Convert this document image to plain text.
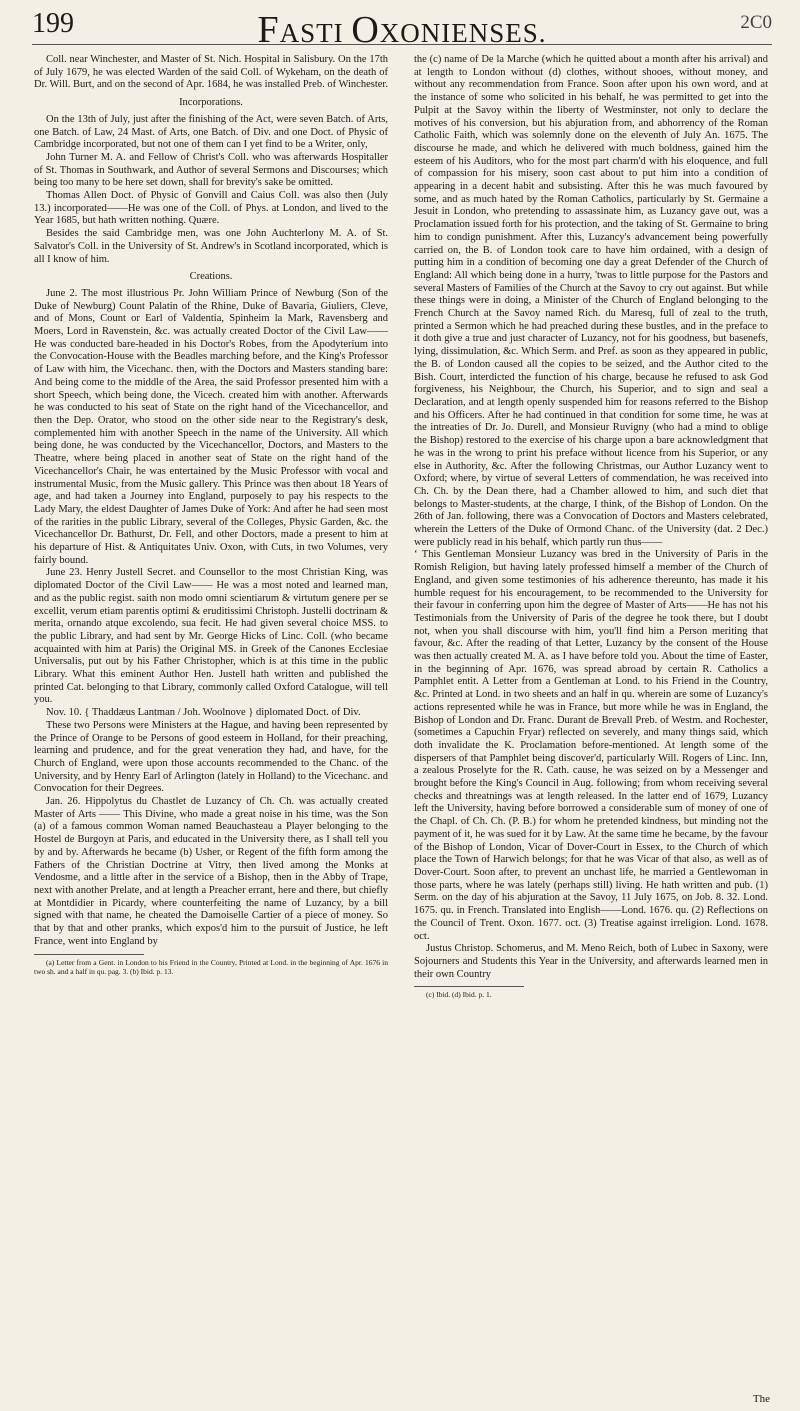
199	FASTI OXONIENSES.	2C0

Coll. near Winchester, and Master of St. Nich. Hospital in Salisbury. On the 17th of July 1679, he was elected Warden of the said Coll. of Wykeham, on the death of Dr. Will. Burt, and on the second of Apr. 1684, he was installed Preb. of Winchester.

Incorporations.

On the 13th of July, just after the finishing of the Act, were seven Batch. of Arts, one Batch. of Law, 24 Mast. of Arts, one Batch. of Div. and one Doct. of Physic of Cambridge incorporated, but not one of them can I yet find to be a Writer, only,

John Turner M. A. and Fellow of Christ's Coll. who was afterwards Hospitaller of St. Thomas in Southwark, and Author of several Sermons and Discourses; which being too many to be here set down, shall for brevity's sake be omitted.

Thomas Allen Doct. of Physic of Gonvill and Caius Coll. was also then (July 13.) incorporated——He was one of the Coll. of Phys. at London, and lived to the Year 1685, but hath written nothing. Quære.

Besides the said Cambridge men, was one John Auchterlony M. A. of St. Salvator's Coll. in the University of St. Andrew's in Scotland incorporated, which is all I know of him.

Creations.

June 2. The most illustrious Pr. John William Prince of Newburg (Son of the Duke of Newburg) Count Palatin of the Rhine, Duke of Bavaria, Giuliers, Cleve, and of Mons, Count or Earl of Valdentia, Spinheim la Mark, Ravensberg and Moers, Lord in Ravenstein, &c. was actually created Doctor of the Civil Law——He was conducted bare-headed in his Doctor's Robes, from the Apodyterium into the Convocation-House with the Beadles marching before, and the King's Professor of Law with him, the Vicechanc. then, with the Doctors and Masters standing bare: And being come to the middle of the Area, the said Professor presented him with a short Speech, which being done, the Vicech. created him with another. Afterwards he was conducted to his seat of State on the right hand of the Vicechancellor, and then the Dep. Orator, who stood on the other side near to the Registrary's desk, complemented him with another Speech in the name of the University. All which being done, he was conducted by the Vicechancellor, Doctors, and Masters to the Theatre, where being placed in another seat of State on the right hand of the Vicechancellor's Chair, he was entertained by the Music Professor with vocal and instrumental Music, from the Music gallery. This Prince was then about 18 Years of age, and had taken a Journey into England, purposely to pay his respects to the Lady Mary, the eldest Daughter of James Duke of York: And after he had seen most of the rarities in the public Library, several of the Colleges, Physic Garden, &c. the Vicechancellor Dr. Bathurst, Dr. Fell, and other Doctors, made a present to him at his departure of Hist. & Antiquitates Univ. Oxon, with Cuts, in two Volumes, very fairly bound.

June 23. Henry Justell Secret. and Counsellor to the most Christian King, was diplomated Doctor of the Civil Law—— He was a most noted and learned man, and as the public regist. saith non modo omni scientiarum & virtutum genere per se excellit, verum etiam parentis optimi & eruditissimi Christoph. Justelli doctrinam & merita, ornando atque excolendo, sua fecit. He had given several choice MSS. to the public Library, and had sent by Mr. George Hicks of Linc. Coll. (who became acquainted with him at Paris) the Original MS. in Greek of the Canones Ecclesiae Universalis, put out by his Father Christopher, which is at this time in the public Library. What this eminent Author Hen. Justell hath written and published the printed Cat. belonging to that Library, commonly called Oxford Catalogue, will tell you.

Nov. 10. { Thaddæus Lantman / Joh. Woolnove } diplomated Doct. of Div.

These two Persons were Ministers at the Hague, and having been represented by the Prince of Orange to be Persons of good esteem in Holland, for their preaching, learning and prudence, and for the great veneration they had, and have, for the Church of England, were upon those accounts recommended to the Chanc. of the University, and by Henry Earl of Arlington (lately in Holland) to the Vicechanc. and Convocation for their Degrees.

Jan. 26. Hippolytus du Chastlet de Luzancy of Ch. Ch. was actually created Master of Arts —— This Divine, who made a great noise in his time, was the Son (a) of a famous common Woman named Beauchasteau a Player belonging to the Hostel de Burgoyn at Paris, and educated in the University there, as I shall tell you by and by. Afterwards he became (b) Usher, or Regent of the fifth form among the Fathers of the Christian Doctrine at Vitry, then lived among the Monks at Vendosme, and a little after in the service of a Bishop, then in the Abby of Trape, next with another Prelate, and at length a Preacher errant, here and there, but chiefly at Montdidier in Picardy, where counterfeiting the name of Luzancy, by a bill signed with that name, he cheated the Damoiselle Cartier of a piece of money. So that by that and other pranks, which expos'd him to the pursuit of Justice, he left France, went into England by

(a) Letter from a Gent. in London to his Friend in the Country, Printed at Lond. in the beginning of Apr. 1676 in two sh. and a half in qu. pag. 3. (b) Ibid. p. 13.

the (c) name of De la Marche (which he quitted about a month after his arrival) and at length to London without (d) clothes, without shooes, without money, and without any recommendation from France. Soon after upon his own word, and at the instance of some who solicited in his behalf, he was permitted to get into the Pulpit at the Savoy within the liberty of Westminster, not only to declare the motives of his conversion, but his abjuration from, and abhorrency of the Roman Catholic Faith, which was solemnly done on the eleventh of July An. 1675. The discourse he made, and which he delivered with much boldness, gained him the esteem of his Auditors, who for the most part charm'd with his eloquence, and full of compassion for his misery, soon cast about to put him into a condition of appearing in a decent habit and subsisting. After this he was much favoured by some, and as much hated by the Roman Catholics, particularly by St. Germaine a Jesuit in London, who pretending to assassinate him, as Luzancy gave out, was a Proclamation issued forth for his protection, and the taking of St. Germaine to bring him to condign punishment. After this, Luzancy's advancement being powerfully carried on, the B. of London took care to have him ordained, with a design of putting him in a condition of becoming one day a great Defender of the Church of England: All which being done in a hurry, 'twas to little purpose for the Pastors and several Masters of Families of the Church at the Savoy to cry out against. But while these things were in doing, a Minister of the Church of England belonging to the French Church at the Savoy named Rich. du Maresq, full of zeal to the truth, printed a Sermon which he had preached during these bustles, and in the preface to it doth give a true and just character of Luzancy, not for his goodness, but basenefs, lying, dissimulation, &c. Which Serm. and Pref. as soon as they appeared in public, the B. of London caused all the copies to be seized, and the Author cited to the Bish. Court, interdicted the function of his charge, because he refused to ask God forgiveness, his Neighbour, the Church, his Superior, and to sign and seal a Declaration, and at length openly suspended him for reasons referred to the Bishop and his Officers. After he had continued in that condition for some time, he was at the intreaties of Dr. Jo. Durell, and Monsieur Ruvigny (who had a mind to oblige the Bishop) restored to the exercise of his charge upon a bare acknowledgment that he was in the wrong to print his preface without licence from his Superior, or any else in Authority, &c. After the following Christmas, our Author Luzancy went to Oxford; where, by virtue of several Letters of commendation, he was received into Ch. Ch. by the Dean there, had a Chamber allowed to him, and such diet that belongs to Master-students, at the charge, I think, of the Bishop of London. On the 26th of Jan. following, there was a Convocation of Doctors and Masters celebrated, wherein the Letters of the Duke of Ormond Chanc. of the University (dat. 2 Dec.) were publicly read in his behalf, which partly run thus——

‘ This Gentleman Monsieur Luzancy was bred in the University of Paris in the Romish Religion, but having lately professed himself a member of the Church of England, and given some testimonies of his adherence thereunto, has made it his humble request for his encouragement, to be recommended to the University for their favour in conferring upon him the degree of Master of Arts——He has not his Testimonials from the University of Paris of the degree he took there, but I doubt not, when you shall discourse with him, you'll find him a Person meriting that favour, &c. After the reading of that Letter, Luzancy by the consent of the House was then actually created M. A. as I have before told you. About the time of Easter, in the beginning of Apr. 1676, was spread abroad by certain R. Catholics a Pamphlet entit. A Letter from a Gentleman at Lond. to his Friend in the Country, &c. Printed at Lond. in two sheets and an half in qu. wherein are some of Luzancy's actions represented while he was in France, but more while he was in England, the Bishop of London and Dr. Franc. Durant de Brevall Preb. of Westm. and Rochester, (sometimes a Capuchin Fryar) reflected on severely, and many things said, which doth invalidate the K. Proclamation before-mentioned. At length some of the dispersers of that Pamphlet being discover'd, particularly Will. Rogers of Linc. Inn, a zealous Proselyte for the R. Cath. cause, he was seized on by a Messenger and brought before the King's Council in Aug. following; from whom receiving several checks and threatnings was at length released. In the latter end of 1679, Luzancy left the University, having before borrowed a considerable sum of money of one of the Chapl. of Ch. Ch. (P. B.) for whom he pretended kindness, but minding not the payment of it, he was sued for it by Law. At the same time he became, by the favour of the Bishop of London, Vicar of Dover-Court in Essex, to the Church of which place the Town of Harwich belongs; for that he was Vicar of that also, as well as of Dover-Court. Soon after, to prevent an unchast life, he married a Gentlewoman in those parts, where he was lately (perhaps still) living. He hath written and pub. (1) Serm. on the day of his abjuration at the Savoy, 11 July 1675, on Job. 8. 32. Lond. 1675. qu. in French. Translated into English——Lond. 1676. qu. (2) Reflections on the Council of Trent. Oxon. 1677. oct. (3) Treatise against irreligion. Lond. 1678. oct.

Justus Christop. Schomerus, and M. Meno Reich, both of Lubec in Saxony, were Sojourners and Students this Year in the University, and afterwards learned men in their own Country

(c) Ibid. (d) Ibid. p. 1.

The
